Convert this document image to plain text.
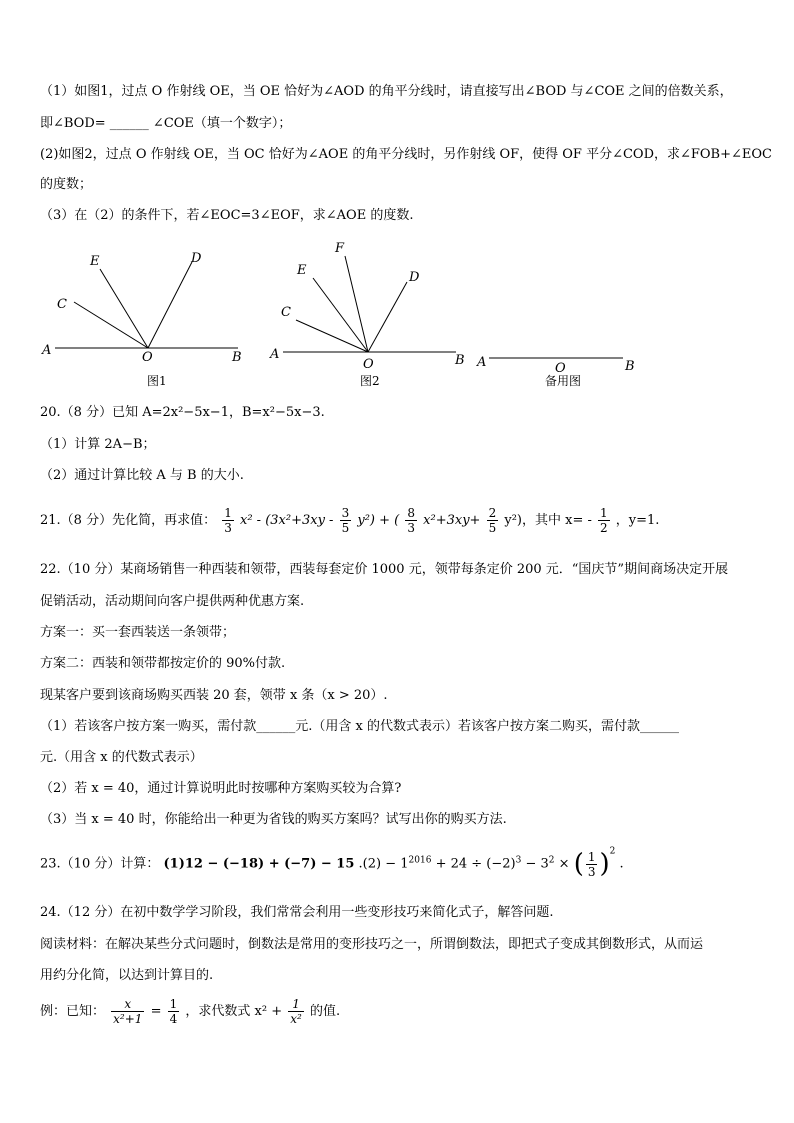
（1）如图1，过点 O 作射线 OE，当 OE 恰好为∠AOD 的角平分线时，请直接写出∠BOD 与∠COE 之间的倍数关系，
即∠BOD= ______ ∠COE（填一个数字）；
(2)如图2，过点 O 作射线 OE，当 OC 恰好为∠AOE 的角平分线时，另作射线 OF，使得 OF 平分∠COD，求∠FOB+∠EOC
的度数；
（3）在（2）的条件下，若∠EOC=3∠EOF，求∠AOE 的度数.
A	O	B
C
E	D
图1
A
O	B
C
E
F
D
图2
A	O	B
备用图
20.（8 分）已知 A=2x²−5x−1，B=x²−5x−3.
（1）计算 2A−B；
（2）通过计算比较 A 与 B 的大小.
21.（8 分）先化简，再求值： $\frac{1}{3} x^2 - (3x^2+3xy - \frac{3}{5} y^2)$ + ( $\frac{8}{3} x^2+3xy+ \frac{2}{5} y^2$)，其中 $x= - \frac{1}{2}$ ，y=1.
22.（10 分）某商场销售一种西装和领带，西装每套定价 1000 元，领带每条定价 200 元．“国庆节”期间商场决定开展
促销活动，活动期间向客户提供两种优惠方案.
方案一：买一套西装送一条领带；
方案二：西装和领带都按定价的 90%付款.
现某客户要到该商场购买西装 20 套，领带 x 条（x > 20）.
（1）若该客户按方案一购买，需付款______元.（用含 x 的代数式表示）若该客户按方案二购买，需付款______
元.（用含 x 的代数式表示）
（2）若 x = 40，通过计算说明此时按哪种方案购买较为合算?
（3）当 x = 40 时，你能给出一种更为省钱的购买方案吗？试写出你的购买方法.
23.（10 分）计算： (1)12 − (−18) + (−7) − 15 $.(2) - 1^{2016} + 24 \div (-2)^3 - 3^2$ × ( $\frac{1}{3} )^2$ .
24.（12 分）在初中数学学习阶段，我们常常会利用一些变形技巧来简化式子，解答问题.
阅读材料：在解决某些分式问题时，倒数法是常用的变形技巧之一，所谓倒数法，即把式子变成其倒数形式，从而运
用约分化简，以达到计算目的.
例：已知： $\frac{x}{\text{x²+1}} = \frac{1}{4}$ ，求代数式 $x^2 + \frac{1}{\text{x²}}$ 的值.
